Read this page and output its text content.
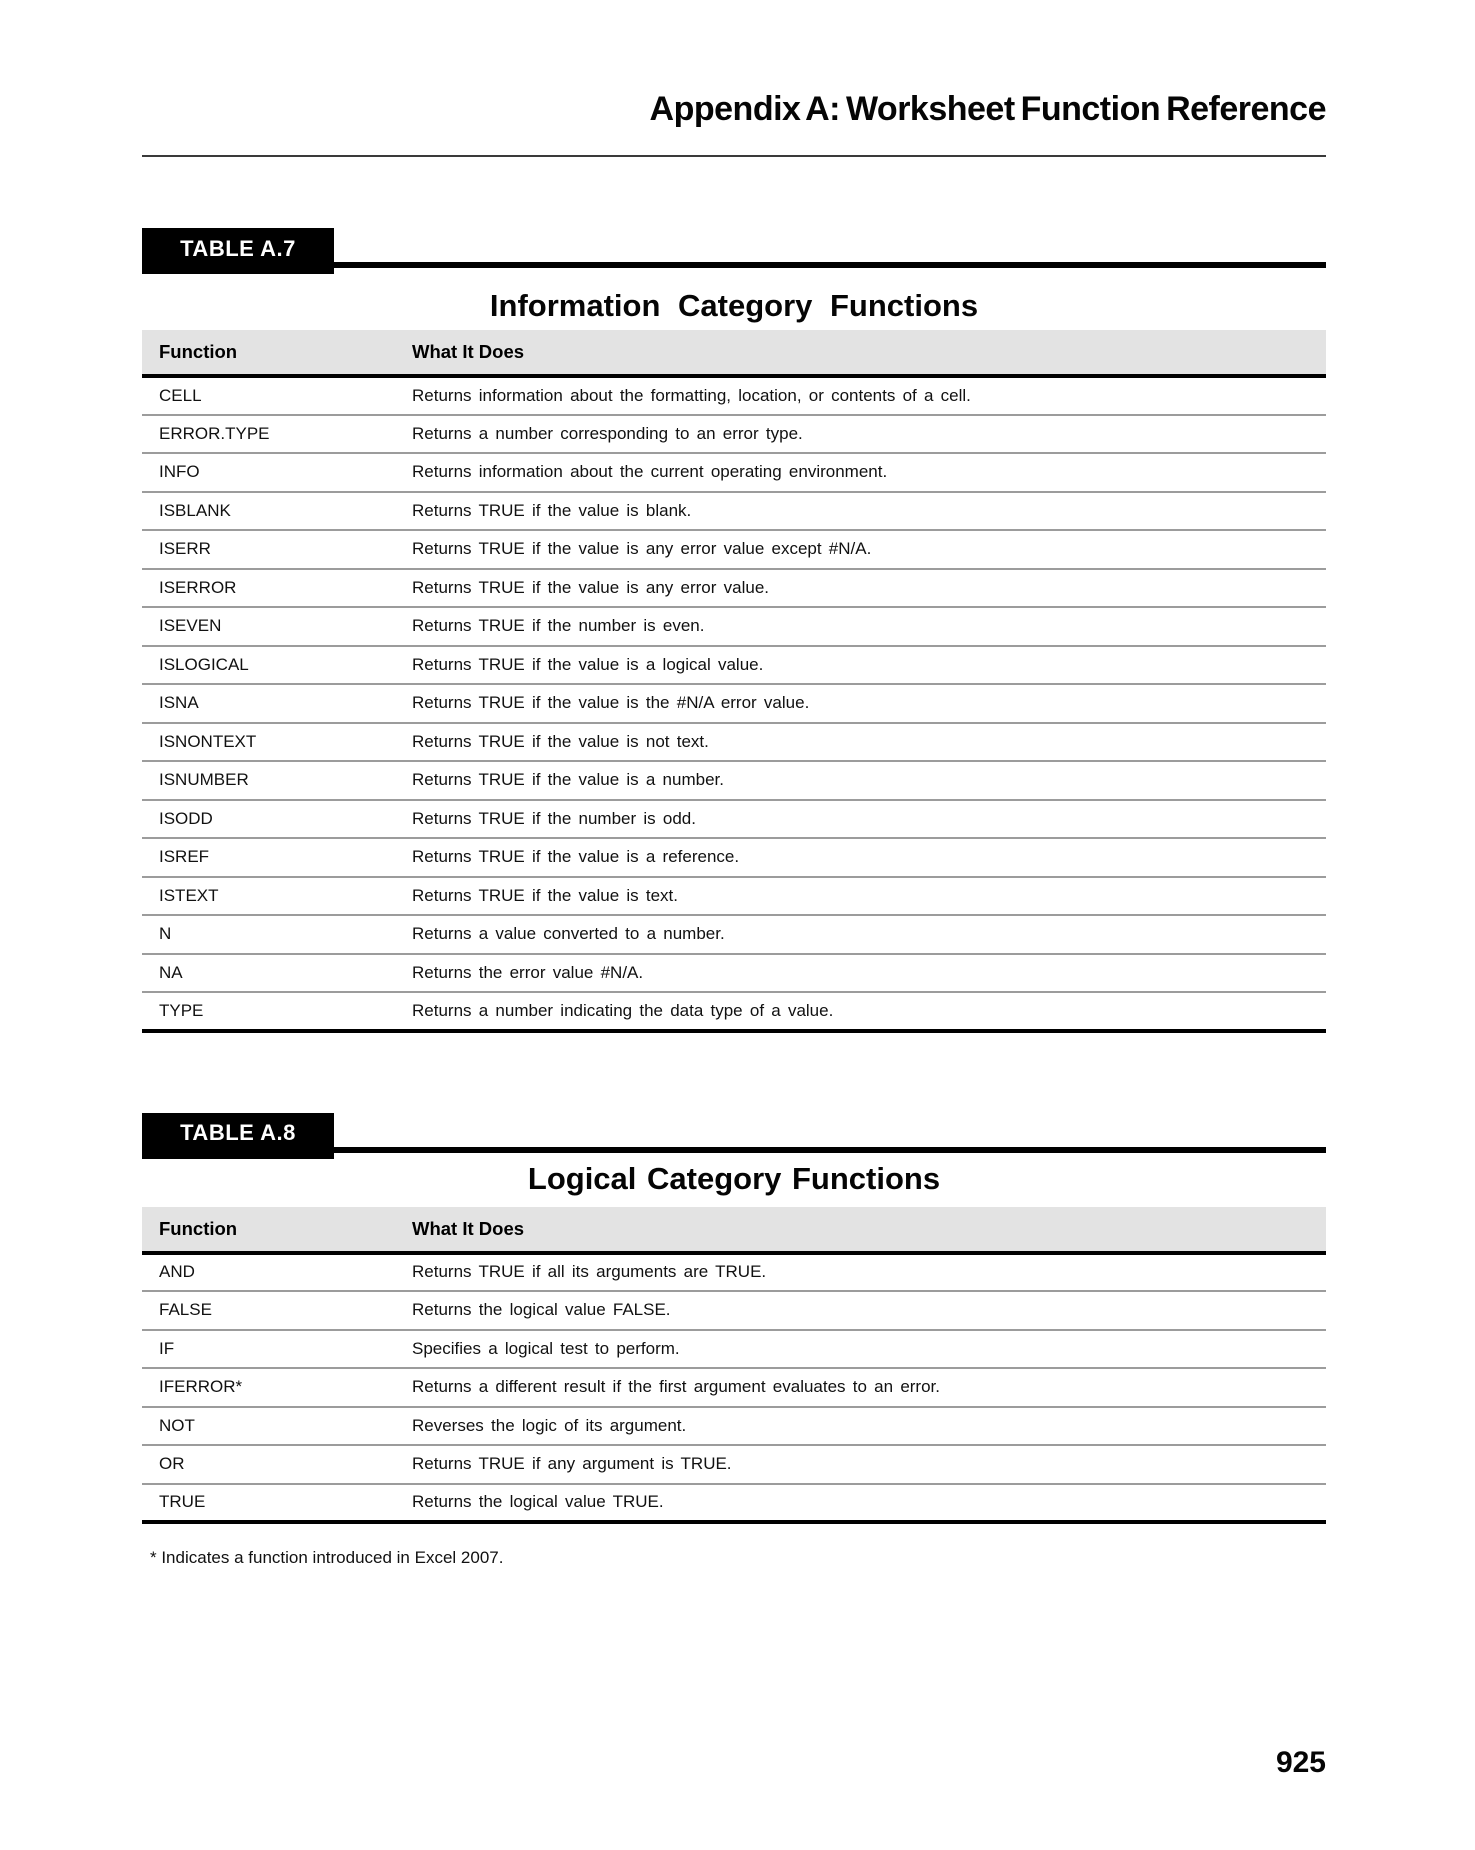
Appendix A: Worksheet Function Reference
TABLE A.7
Information Category Functions
Function	What It Does
CELL	Returns information about the formatting, location, or contents of a cell.
ERROR.TYPE	Returns a number corresponding to an error type.
INFO	Returns information about the current operating environment.
ISBLANK	Returns TRUE if the value is blank.
ISERR	Returns TRUE if the value is any error value except #N/A.
ISERROR	Returns TRUE if the value is any error value.
ISEVEN	Returns TRUE if the number is even.
ISLOGICAL	Returns TRUE if the value is a logical value.
ISNA	Returns TRUE if the value is the #N/A error value.
ISNONTEXT	Returns TRUE if the value is not text.
ISNUMBER	Returns TRUE if the value is a number.
ISODD	Returns TRUE if the number is odd.
ISREF	Returns TRUE if the value is a reference.
ISTEXT	Returns TRUE if the value is text.
N	Returns a value converted to a number.
NA	Returns the error value #N/A.
TYPE	Returns a number indicating the data type of a value.
TABLE A.8
Logical Category Functions
Function	What It Does
AND	Returns TRUE if all its arguments are TRUE.
FALSE	Returns the logical value FALSE.
IF	Specifies a logical test to perform.
IFERROR*	Returns a different result if the first argument evaluates to an error.
NOT	Reverses the logic of its argument.
OR	Returns TRUE if any argument is TRUE.
TRUE	Returns the logical value TRUE.

* Indicates a function introduced in Excel 2007.

925
